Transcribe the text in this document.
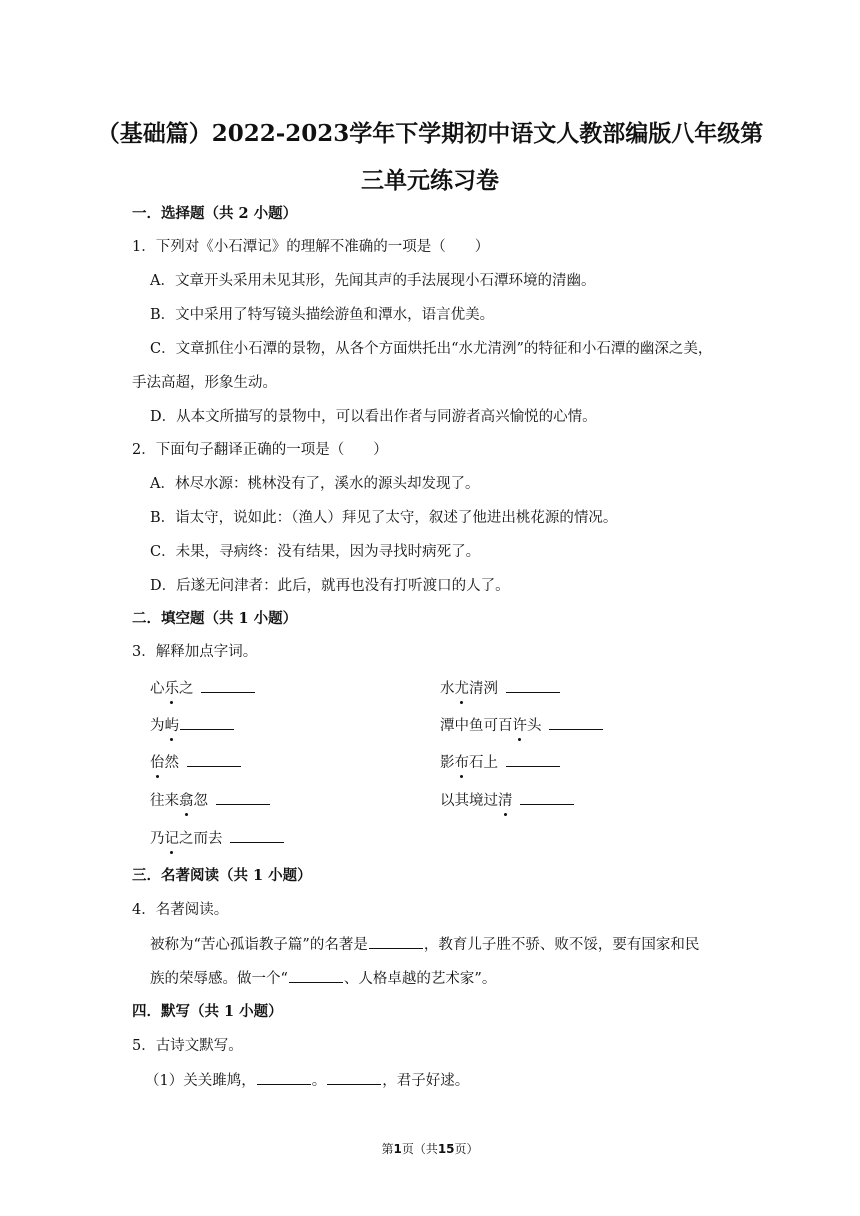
（基础篇）2022-2023学年下学期初中语文人教部编版八年级第
三单元练习卷
一．选择题（共 2 小题）
1．下列对《小石潭记》的理解不准确的一项是（　　）
A．文章开头采用未见其形，先闻其声的手法展现小石潭环境的清幽。
B．文中采用了特写镜头描绘游鱼和潭水，语言优美。
C．文章抓住小石潭的景物，从各个方面烘托出“水尤清洌”的特征和小石潭的幽深之美，
手法高超，形象生动。
D．从本文所描写的景物中，可以看出作者与同游者高兴愉悦的心情。
2．下面句子翻译正确的一项是（　　）
A．林尽水源：桃林没有了，溪水的源头却发现了。
B．诣太守，说如此：（渔人）拜见了太守，叙述了他进出桃花源的情况。
C．未果，寻病终：没有结果，因为寻找时病死了。
D．后遂无问津者：此后，就再也没有打听渡口的人了。
二．填空题（共 1 小题）
3．解释加点字词。
心乐之	水尤清洌
为屿	潭中鱼可百许头
佁然	影布石上
往来翕忽	以其境过清
乃记之而去
三．名著阅读（共 1 小题）
4．名著阅读。
被称为“苦心孤诣教子篇”的名著是	，教育儿子胜不骄、败不馁，要有国家和民
族的荣辱感。做一个“	、人格卓越的艺术家”。
四．默写（共 1 小题）
5．古诗文默写。
（1）关关雎鸠，	。	，君子好逑。
第1页（共15页）
